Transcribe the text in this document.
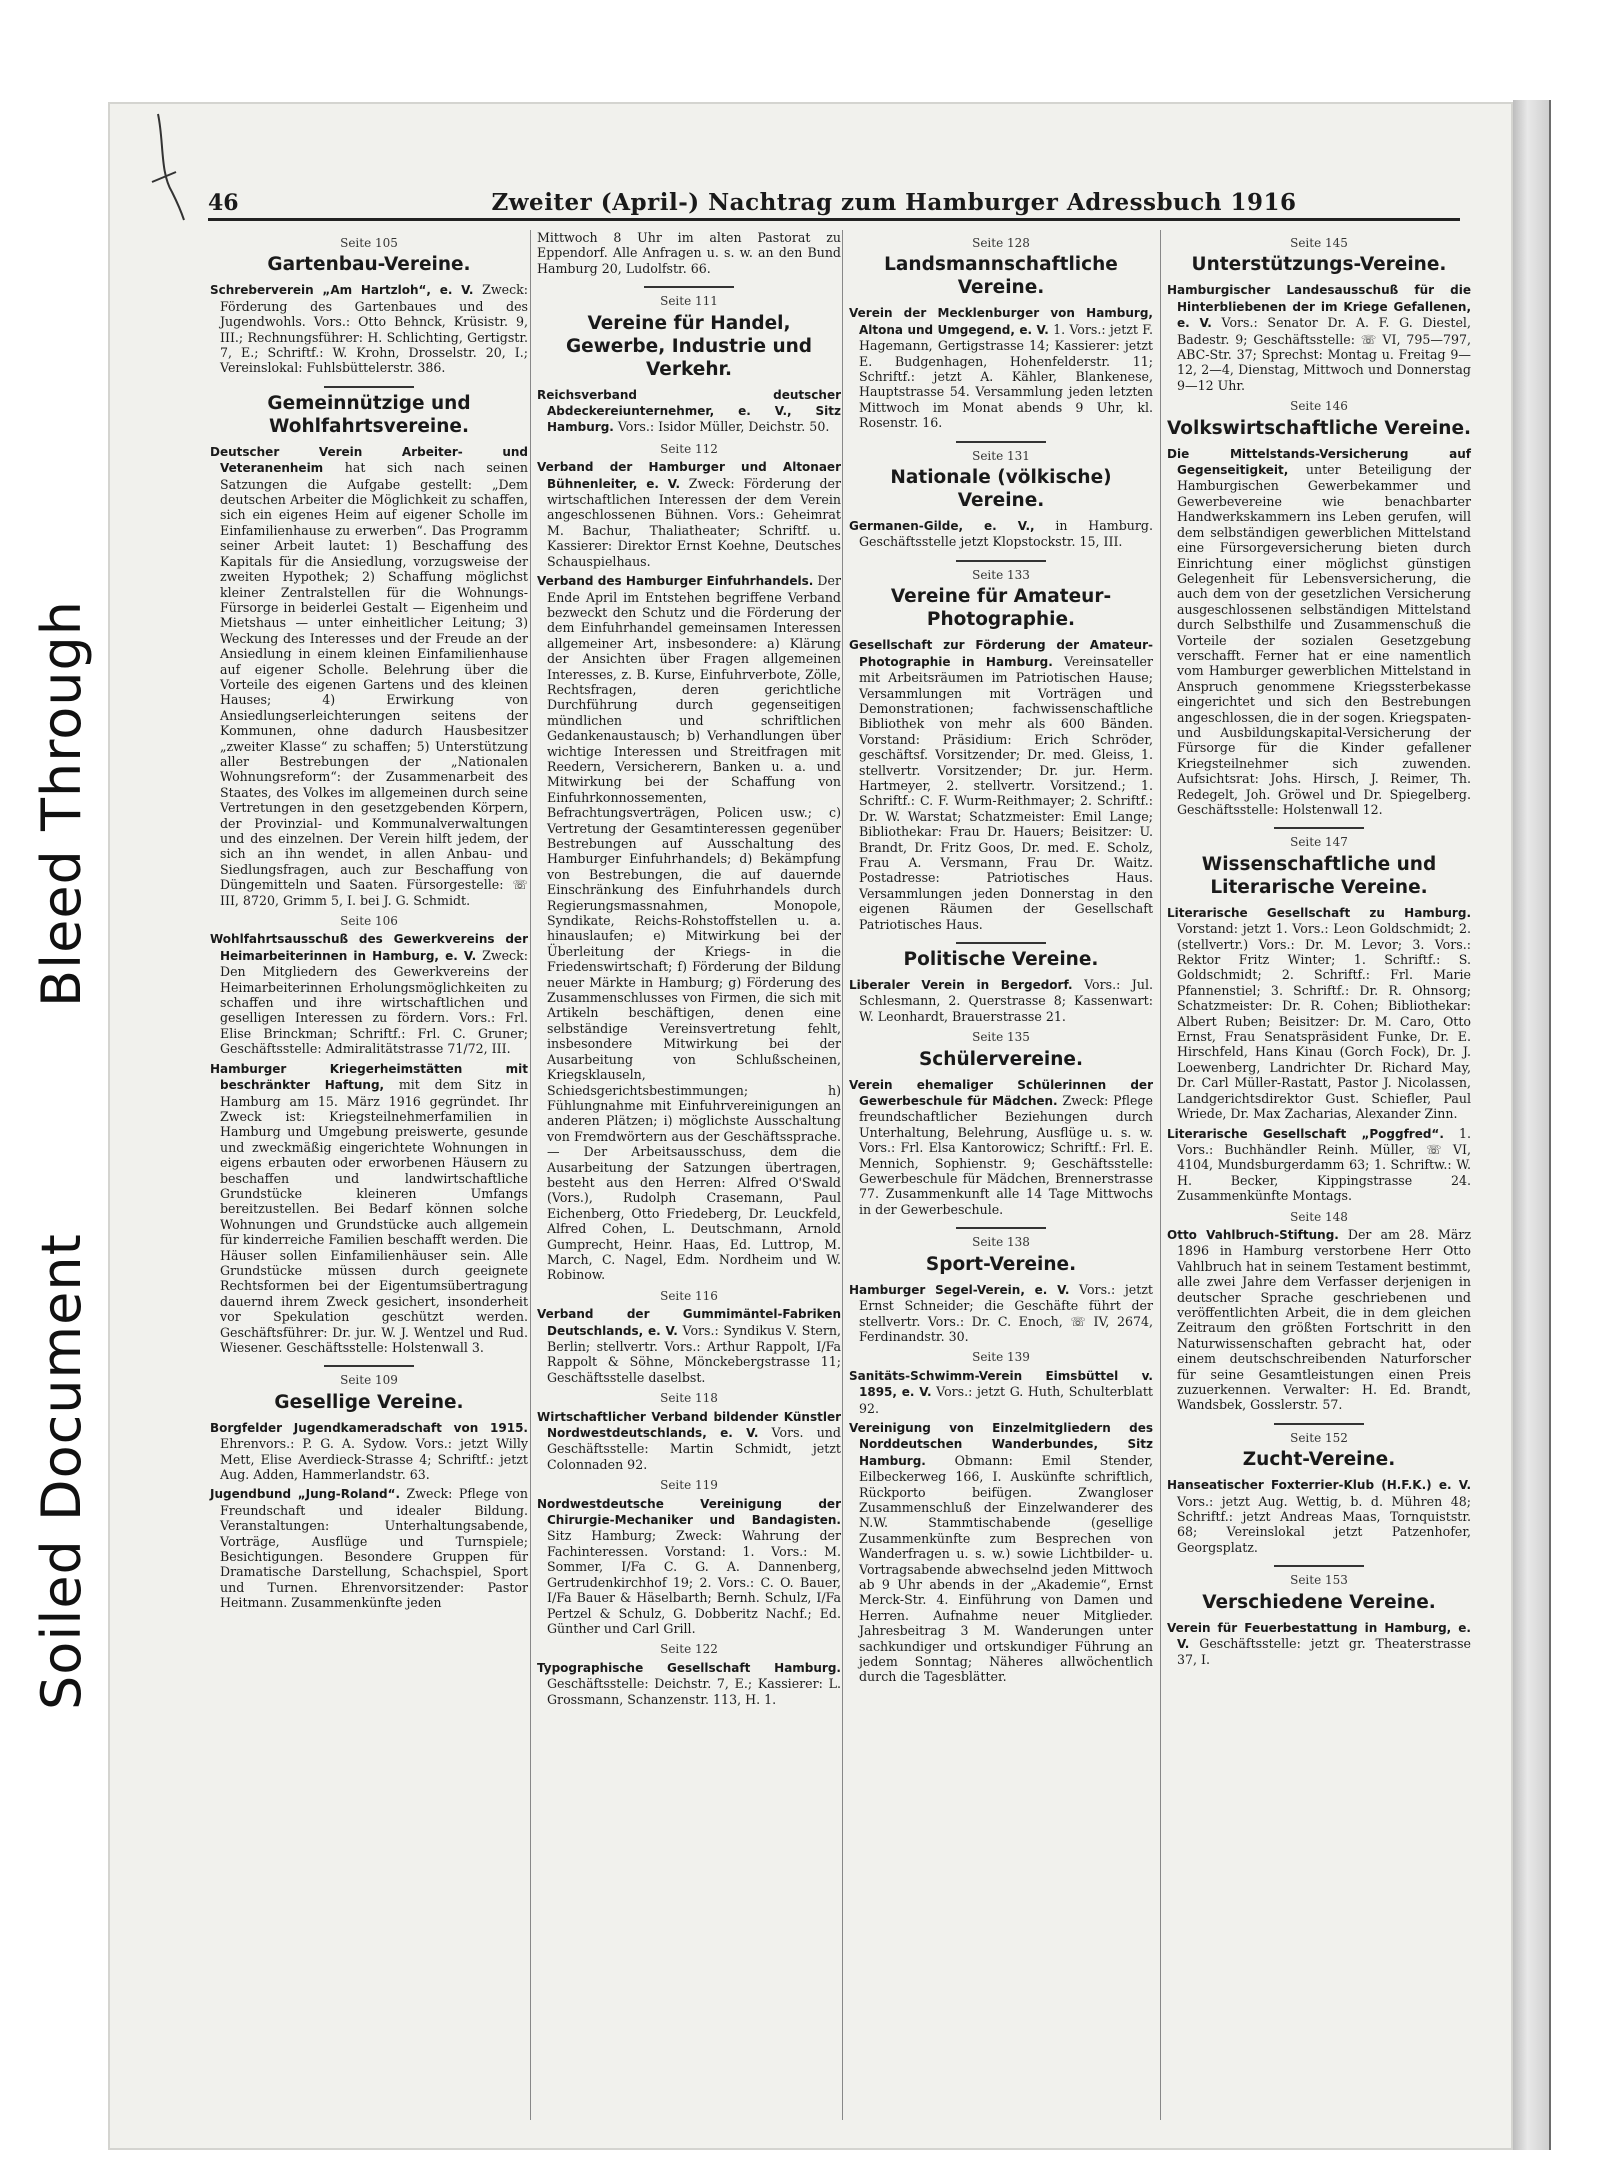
Soiled Document
Bleed Through
46	Zweiter (April-) Nachtrag zum Hamburger Adressbuch 1916
Seite 105
Gartenbau-Vereine.

Schreberverein „Am Hartzloh“, e. V. Zweck: Förderung des Gartenbaues und des Jugendwohls. Vors.: Otto Behnck, Krüsistr. 9, III.; Rechnungsführer: H. Schlichting, Gertigstr. 7, E.; Schriftf.: W. Krohn, Drosselstr. 20, I.; Vereinslokal: Fuhlsbüttelerstr. 386.

Gemeinnützige und Wohlfahrtsvereine.

Deutscher Verein Arbeiter- und Veteranenheim hat sich nach seinen Satzungen die Aufgabe gestellt: „Dem deutschen Arbeiter die Möglichkeit zu schaffen, sich ein eigenes Heim auf eigener Scholle im Einfamilienhause zu erwerben“. Das Programm seiner Arbeit lautet: 1) Beschaffung des Kapitals für die Ansiedlung, vorzugsweise der zweiten Hypothek; 2) Schaffung möglichst kleiner Zentralstellen für die Wohnungs-Fürsorge in beiderlei Gestalt — Eigenheim und Mietshaus — unter einheitlicher Leitung; 3) Weckung des Interesses und der Freude an der Ansiedlung in einem kleinen Einfamilienhause auf eigener Scholle. Belehrung über die Vorteile des eigenen Gartens und des kleinen Hauses; 4) Erwirkung von Ansiedlungserleichterungen seitens der Kommunen, ohne dadurch Hausbesitzer „zweiter Klasse“ zu schaffen; 5) Unterstützung aller Bestrebungen der „Nationalen Wohnungsreform“: der Zusammenarbeit des Staates, des Volkes im allgemeinen durch seine Vertretungen in den gesetzgebenden Körpern, der Provinzial- und Kommunalverwaltungen und des einzelnen. Der Verein hilft jedem, der sich an ihn wendet, in allen Anbau- und Siedlungsfragen, auch zur Beschaffung von Düngemitteln und Saaten. Fürsorgestelle: ☏ III, 8720, Grimm 5, I. bei J. G. Schmidt.

Seite 106

Wohlfahrtsausschuß des Gewerkvereins der Heimarbeiterinnen in Hamburg, e. V. Zweck: Den Mitgliedern des Gewerkvereins der Heimarbeiterinnen Erholungsmöglichkeiten zu schaffen und ihre wirtschaftlichen und geselligen Interessen zu fördern. Vors.: Frl. Elise Brinckman; Schriftf.: Frl. C. Gruner; Geschäftsstelle: Admiralitätstrasse 71/72, III.

Hamburger Kriegerheimstätten mit beschränkter Haftung, mit dem Sitz in Hamburg am 15. März 1916 gegründet. Ihr Zweck ist: Kriegsteilnehmerfamilien in Hamburg und Umgebung preiswerte, gesunde und zweckmäßig eingerichtete Wohnungen in eigens erbauten oder erworbenen Häusern zu beschaffen und landwirtschaftliche Grundstücke kleineren Umfangs bereitzustellen. Bei Bedarf können solche Wohnungen und Grundstücke auch allgemein für kinderreiche Familien beschafft werden. Die Häuser sollen Einfamilienhäuser sein. Alle Grundstücke müssen durch geeignete Rechtsformen bei der Eigentumsübertragung dauernd ihrem Zweck gesichert, insonderheit vor Spekulation geschützt werden. Geschäftsführer: Dr. jur. W. J. Wentzel und Rud. Wiesener. Geschäftsstelle: Holstenwall 3.

Seite 109
Gesellige Vereine.

Borgfelder Jugendkameradschaft von 1915. Ehrenvors.: P. G. A. Sydow. Vors.: jetzt Willy Mett, Elise Averdieck-Strasse 4; Schriftf.: jetzt Aug. Adden, Hammerlandstr. 63.

Jugendbund „Jung-Roland“. Zweck: Pflege von Freundschaft und idealer Bildung. Veranstaltungen: Unterhaltungsabende, Vorträge, Ausflüge und Turnspiele; Besichtigungen. Besondere Gruppen für Dramatische Darstellung, Schachspiel, Sport und Turnen. Ehrenvorsitzender: Pastor Heitmann. Zusammenkünfte jeden

Mittwoch 8 Uhr im alten Pastorat zu Eppendorf. Alle Anfragen u. s. w. an den Bund Hamburg 20, Ludolfstr. 66.

Seite 111
Vereine für Handel, Gewerbe, Industrie und Verkehr.

Reichsverband deutscher Abdeckereiunternehmer, e. V., Sitz Hamburg. Vors.: Isidor Müller, Deichstr. 50.

Seite 112

Verband der Hamburger und Altonaer Bühnenleiter, e. V. Zweck: Förderung der wirtschaftlichen Interessen der dem Verein angeschlossenen Bühnen. Vors.: Geheimrat M. Bachur, Thaliatheater; Schriftf. u. Kassierer: Direktor Ernst Koehne, Deutsches Schauspielhaus.

Verband des Hamburger Einfuhrhandels. Der Ende April im Entstehen begriffene Verband bezweckt den Schutz und die Förderung der dem Einfuhrhandel gemeinsamen Interessen allgemeiner Art, insbesondere: a) Klärung der Ansichten über Fragen allgemeinen Interesses, z. B. Kurse, Einfuhrverbote, Zölle, Rechtsfragen, deren gerichtliche Durchführung durch gegenseitigen mündlichen und schriftlichen Gedankenaustausch; b) Verhandlungen über wichtige Interessen und Streitfragen mit Reedern, Versicherern, Banken u. a. und Mitwirkung bei der Schaffung von Einfuhrkonnossementen, Befrachtungsverträgen, Policen usw.; c) Vertretung der Gesamtinteressen gegenüber Bestrebungen auf Ausschaltung des Hamburger Einfuhrhandels; d) Bekämpfung von Bestrebungen, die auf dauernde Einschränkung des Einfuhrhandels durch Regierungsmassnahmen, Monopole, Syndikate, Reichs-Rohstoffstellen u. a. hinauslaufen; e) Mitwirkung bei der Überleitung der Kriegs- in die Friedenswirtschaft; f) Förderung der Bildung neuer Märkte in Hamburg; g) Förderung des Zusammenschlusses von Firmen, die sich mit Artikeln beschäftigen, denen eine selbständige Vereinsvertretung fehlt, insbesondere Mitwirkung bei der Ausarbeitung von Schlußscheinen, Kriegsklauseln, Schiedsgerichtsbestimmungen; h) Fühlungnahme mit Einfuhrvereinigungen an anderen Plätzen; i) möglichste Ausschaltung von Fremdwörtern aus der Geschäftssprache. — Der Arbeitsausschuss, dem die Ausarbeitung der Satzungen übertragen, besteht aus den Herren: Alfred O'Swald (Vors.), Rudolph Crasemann, Paul Eichenberg, Otto Friedeberg, Dr. Leuckfeld, Alfred Cohen, L. Deutschmann, Arnold Gumprecht, Heinr. Haas, Ed. Luttrop, M. March, C. Nagel, Edm. Nordheim und W. Robinow.

Seite 116

Verband der Gummimäntel-Fabriken Deutschlands, e. V. Vors.: Syndikus V. Stern, Berlin; stellvertr. Vors.: Arthur Rappolt, I/Fa Rappolt & Söhne, Mönckebergstrasse 11; Geschäftsstelle daselbst.

Seite 118

Wirtschaftlicher Verband bildender Künstler Nordwestdeutschlands, e. V. Vors. und Geschäftsstelle: Martin Schmidt, jetzt Colonnaden 92.

Seite 119

Nordwestdeutsche Vereinigung der Chirurgie-Mechaniker und Bandagisten. Sitz Hamburg; Zweck: Wahrung der Fachinteressen. Vorstand: 1. Vors.: M. Sommer, I/Fa C. G. A. Dannenberg, Gertrudenkirchhof 19; 2. Vors.: C. O. Bauer, I/Fa Bauer & Häselbarth; Bernh. Schulz, I/Fa Pertzel & Schulz, G. Dobberitz Nachf.; Ed. Günther und Carl Grill.

Seite 122

Typographische Gesellschaft Hamburg. Geschäftsstelle: Deichstr. 7, E.; Kassierer: L. Grossmann, Schanzenstr. 113, H. 1.

Seite 128
Landsmannschaftliche Vereine.

Verein der Mecklenburger von Hamburg, Altona und Umgegend, e. V. 1. Vors.: jetzt F. Hagemann, Gertigstrasse 14; Kassierer: jetzt E. Budgenhagen, Hohenfelderstr. 11; Schriftf.: jetzt A. Kähler, Blankenese, Hauptstrasse 54. Versammlung jeden letzten Mittwoch im Monat abends 9 Uhr, kl. Rosenstr. 16.

Seite 131
Nationale (völkische) Vereine.

Germanen-Gilde, e. V., in Hamburg. Geschäftsstelle jetzt Klopstockstr. 15, III.

Seite 133
Vereine für Amateur-Photographie.

Gesellschaft zur Förderung der Amateur-Photographie in Hamburg. Vereinsateller mit Arbeitsräumen im Patriotischen Hause; Versammlungen mit Vorträgen und Demonstrationen; fachwissenschaftliche Bibliothek von mehr als 600 Bänden. Vorstand: Präsidium: Erich Schröder, geschäftsf. Vorsitzender; Dr. med. Gleiss, 1. stellvertr. Vorsitzender; Dr. jur. Herm. Hartmeyer, 2. stellvertr. Vorsitzend.; 1. Schriftf.: C. F. Wurm-Reithmayer; 2. Schriftf.: Dr. W. Warstat; Schatzmeister: Emil Lange; Bibliothekar: Frau Dr. Hauers; Beisitzer: U. Brandt, Dr. Fritz Goos, Dr. med. E. Scholz, Frau A. Versmann, Frau Dr. Waitz. Postadresse: Patriotisches Haus. Versammlungen jeden Donnerstag in den eigenen Räumen der Gesellschaft Patriotisches Haus.

Politische Vereine.

Liberaler Verein in Bergedorf. Vors.: Jul. Schlesmann, 2. Querstrasse 8; Kassenwart: W. Leonhardt, Brauerstrasse 21.

Seite 135
Schülervereine.

Verein ehemaliger Schülerinnen der Gewerbeschule für Mädchen. Zweck: Pflege freundschaftlicher Beziehungen durch Unterhaltung, Belehrung, Ausflüge u. s. w. Vors.: Frl. Elsa Kantorowicz; Schriftf.: Frl. E. Mennich, Sophienstr. 9; Geschäftsstelle: Gewerbeschule für Mädchen, Brennerstrasse 77. Zusammenkunft alle 14 Tage Mittwochs in der Gewerbeschule.

Seite 138
Sport-Vereine.

Hamburger Segel-Verein, e. V. Vors.: jetzt Ernst Schneider; die Geschäfte führt der stellvertr. Vors.: Dr. C. Enoch, ☏ IV, 2674, Ferdinandstr. 30.

Seite 139

Sanitäts-Schwimm-Verein Eimsbüttel v. 1895, e. V. Vors.: jetzt G. Huth, Schulterblatt 92.

Vereinigung von Einzelmitgliedern des Norddeutschen Wanderbundes, Sitz Hamburg. Obmann: Emil Stender, Eilbeckerweg 166, I. Auskünfte schriftlich, Rückporto beifügen. Zwangloser Zusammenschluß der Einzelwanderer des N.W. Stammtischabende (gesellige Zusammenkünfte zum Besprechen von Wanderfragen u. s. w.) sowie Lichtbilder- u. Vortragsabende abwechselnd jeden Mittwoch ab 9 Uhr abends in der „Akademie“, Ernst Merck-Str. 4. Einführung von Damen und Herren. Aufnahme neuer Mitglieder. Jahresbeitrag 3 M. Wanderungen unter sachkundiger und ortskundiger Führung an jedem Sonntag; Näheres allwöchentlich durch die Tagesblätter.

Seite 145
Unterstützungs-Vereine.

Hamburgischer Landesausschuß für die Hinterbliebenen der im Kriege Gefallenen, e. V. Vors.: Senator Dr. A. F. G. Diestel, Badestr. 9; Geschäftsstelle: ☏ VI, 795—797, ABC-Str. 37; Sprechst: Montag u. Freitag 9—12, 2—4, Dienstag, Mittwoch und Donnerstag 9—12 Uhr.

Seite 146
Volkswirtschaftliche Vereine.

Die Mittelstands-Versicherung auf Gegenseitigkeit, unter Beteiligung der Hamburgischen Gewerbekammer und Gewerbevereine wie benachbarter Handwerkskammern ins Leben gerufen, will dem selbständigen gewerblichen Mittelstand eine Fürsorgeversicherung bieten durch Einrichtung einer möglichst günstigen Gelegenheit für Lebensversicherung, die auch dem von der gesetzlichen Versicherung ausgeschlossenen selbständigen Mittelstand durch Selbsthilfe und Zusammenschuß die Vorteile der sozialen Gesetzgebung verschafft. Ferner hat er eine namentlich vom Hamburger gewerblichen Mittelstand in Anspruch genommene Kriegssterbekasse eingerichtet und sich den Bestrebungen angeschlossen, die in der sogen. Kriegspaten- und Ausbildungskapital-Versicherung der Fürsorge für die Kinder gefallener Kriegsteilnehmer sich zuwenden. Aufsichtsrat: Johs. Hirsch, J. Reimer, Th. Redegelt, Joh. Gröwel und Dr. Spiegelberg. Geschäftsstelle: Holstenwall 12.

Seite 147
Wissenschaftliche und Literarische Vereine.

Literarische Gesellschaft zu Hamburg. Vorstand: jetzt 1. Vors.: Leon Goldschmidt; 2. (stellvertr.) Vors.: Dr. M. Levor; 3. Vors.: Rektor Fritz Winter; 1. Schriftf.: S. Goldschmidt; 2. Schriftf.: Frl. Marie Pfannenstiel; 3. Schriftf.: Dr. R. Ohnsorg; Schatzmeister: Dr. R. Cohen; Bibliothekar: Albert Ruben; Beisitzer: Dr. M. Caro, Otto Ernst, Frau Senatspräsident Funke, Dr. E. Hirschfeld, Hans Kinau (Gorch Fock), Dr. J. Loewenberg, Landrichter Dr. Richard May, Dr. Carl Müller-Rastatt, Pastor J. Nicolassen, Landgerichtsdirektor Gust. Schiefler, Paul Wriede, Dr. Max Zacharias, Alexander Zinn.

Literarische Gesellschaft „Poggfred“. 1. Vors.: Buchhändler Reinh. Müller, ☏ VI, 4104, Mundsburgerdamm 63; 1. Schriftw.: W. H. Becker, Kippingstrasse 24. Zusammenkünfte Montags.

Seite 148

Otto Vahlbruch-Stiftung. Der am 28. März 1896 in Hamburg verstorbene Herr Otto Vahlbruch hat in seinem Testament bestimmt, alle zwei Jahre dem Verfasser derjenigen in deutscher Sprache geschriebenen und veröffentlichten Arbeit, die in dem gleichen Zeitraum den größten Fortschritt in den Naturwissenschaften gebracht hat, oder einem deutschschreibenden Naturforscher für seine Gesamtleistungen einen Preis zuzuerkennen. Verwalter: H. Ed. Brandt, Wandsbek, Gosslerstr. 57.

Seite 152
Zucht-Vereine.

Hanseatischer Foxterrier-Klub (H.F.K.) e. V. Vors.: jetzt Aug. Wettig, b. d. Mühren 48; Schriftf.: jetzt Andreas Maas, Tornquiststr. 68; Vereinslokal jetzt Patzenhofer, Georgsplatz.

Seite 153
Verschiedene Vereine.

Verein für Feuerbestattung in Hamburg, e. V. Geschäftsstelle: jetzt gr. Theaterstrasse 37, I.
